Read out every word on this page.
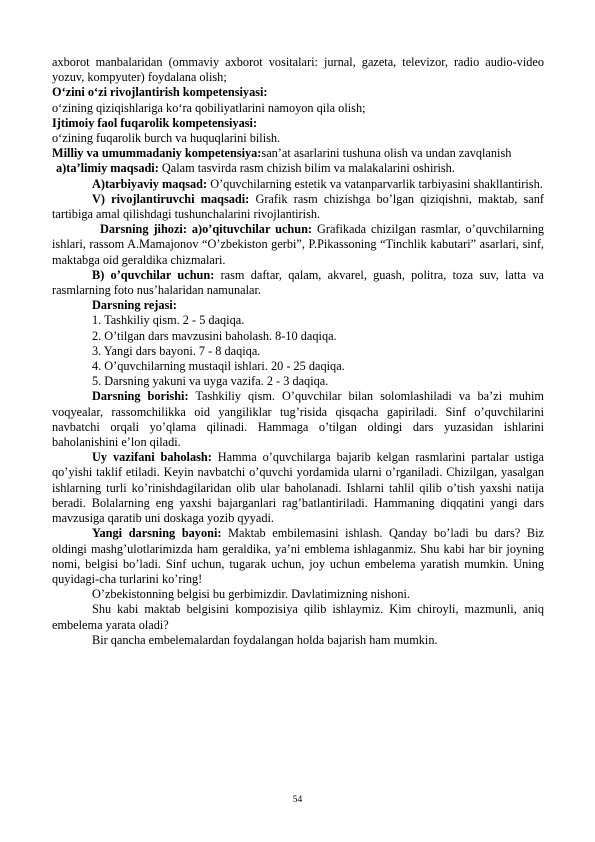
axborot manbalaridan (ommaviy axborot vositalari: jurnal, gazeta, televizor, radio audio-video yozuv, kompyuter) foydalana olish;

O‘zini o‘zi rivojlantirish kompetensiyasi:

o‘zining qiziqishlariga ko‘ra qobiliyatlarini namoyon qila olish;

Ijtimoiy faol fuqarolik kompetensiyasi:

o‘zining fuqarolik burch va huquqlarini bilish.

Milliy va umummadaniy kompetensiya:san’at asarlarini tushuna olish va undan zavqlanish

a)ta’limiy maqsadi: Qalam tasvirda rasm chizish bilim va malakalarini oshirish.

A)tarbiyaviy maqsad: O’quvchilarning estetik va vatanparvarlik tarbiyasini shakllantirish.

V) rivojlantiruvchi maqsadi: Grafik rasm chizishga bo’lgan qiziqishni, maktab, sanf tartibiga amal qilishdagi tushunchalarini rivojlantirish.

Darsning jihozi: a)o’qituvchilar uchun: Grafikada chizilgan rasmlar, o’quvchilarning ishlari, rassom A.Mamajonov “O’zbekiston gerbi”, P.Pikassoning “Tinchlik kabutari” asarlari, sinf, maktabga oid geraldika chizmalari.

B) o’quvchilar uchun: rasm daftar, qalam, akvarel, guash, politra, toza suv, latta va rasmlarning foto nus’halaridan namunalar.

Darsning rejasi:
1. Tashkiliy qism. 2 - 5 daqiqa.
2. O’tilgan dars mavzusini baholash. 8-10 daqiqa.
3. Yangi dars bayoni. 7 - 8 daqiqa.
4. O’quvchilarning mustaqil ishlari. 20 - 25 daqiqa.
5. Darsning yakuni va uyga vazifa. 2 - 3 daqiqa.

Darsning borishi: Tashkiliy qism. O’quvchilar bilan solomlashiladi va ba’zi muhim voqyealar, rassomchilikka oid yangiliklar tug’risida qisqacha gapiriladi. Sinf o’quvchilarini navbatchi orqali yo’qlama qilinadi. Hammaga o’tilgan oldingi dars yuzasidan ishlarini baholanishini e’lon qiladi.

Uy vazifani baholash: Hamma o’quvchilarga bajarib kelgan rasmlarini partalar ustiga qo’yishi taklif etiladi. Keyin navbatchi o’quvchi yordamida ularni o’rganiladi. Chizilgan, yasalgan ishlarning turli ko’rinishdagilaridan olib ular baholanadi. Ishlarni tahlil qilib o’tish yaxshi natija beradi. Bolalarning eng yaxshi bajarganlari rag’batlantiriladi. Hammaning diqqatini yangi dars mavzusiga qaratib uni doskaga yozib qyyadi.

Yangi darsning bayoni: Maktab embilemasini ishlash. Qanday bo’ladi bu dars? Biz oldingi mashg’ulotlarimizda ham geraldika, ya’ni emblema ishlaganmiz. Shu kabi har bir joyning nomi, belgisi bo’ladi. Sinf uchun, tugarak uchun, joy uchun embelema yaratish mumkin. Uning quyidagi-cha turlarini ko’ring!

O’zbekistonning belgisi bu gerbimizdir. Davlatimizning nishoni.

Shu kabi maktab belgisini kompozisiya qilib ishlaymiz. Kim chiroyli, mazmunli, aniq embelema yarata oladi?

Bir qancha embelemalardan foydalangan holda bajarish ham mumkin.

54
